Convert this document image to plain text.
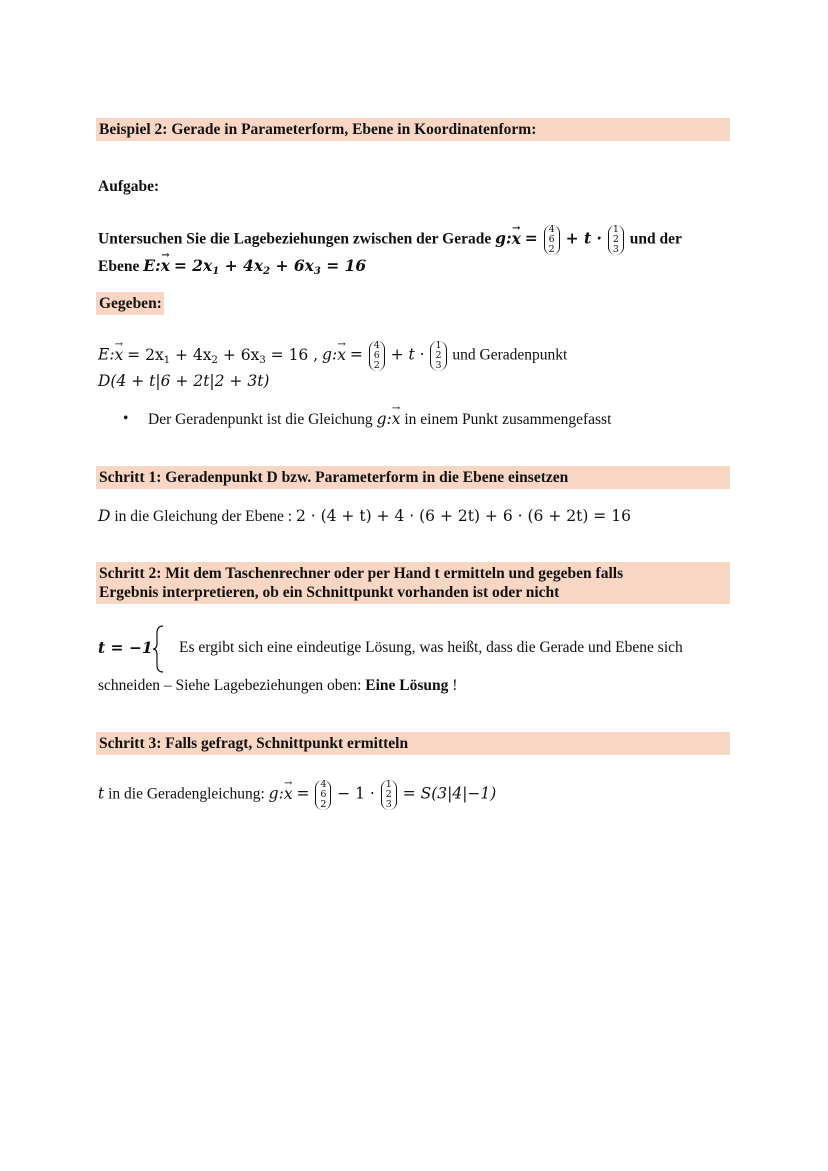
Beispiel 2: Gerade in Parameterform, Ebene in Koordinatenform:
Aufgabe:
Untersuchen Sie die Lagebeziehungen zwischen der Gerade g:→ x = 4
6
2
+ t · 1
2
3
und der
Ebene E:→ $x = 2x_1 + 4x_2 + 6x_3 = 16$
Gegeben:
E:→ $x = 2x_1 + 4x_2 + 6x_3 = 16$ , g:→ x =
4
6
2
+ t ·
1
2
3
und Geradenpunkt
D(4 + t|6 + 2t|2 + 3t)
• Der Geradenpunkt ist die Gleichung g:→ x in einem Punkt zusammengefasst
Schritt 1: Geradenpunkt D bzw. Parameterform in die Ebene einsetzen
D in die Gleichung der Ebene : 2 · (4 + t) + 4 · (6 + 2t) + 6 · (6 + 2t) = 16
Schritt 2: Mit dem Taschenrechner oder per Hand t ermitteln und gegeben falls
Ergebnis interpretieren, ob ein Schnittpunkt vorhanden ist oder nicht
t = −1 Es ergibt sich eine eindeutige Lösung, was heißt, dass die Gerade und Ebene sich
schneiden – Siehe Lagebeziehungen oben: Eine Lösung !
Schritt 3: Falls gefragt, Schnittpunkt ermitteln
t in die Geradengleichung: g:→ x =
4
6
2
− 1 ·
1
2
3
= S(3|4|−1)
